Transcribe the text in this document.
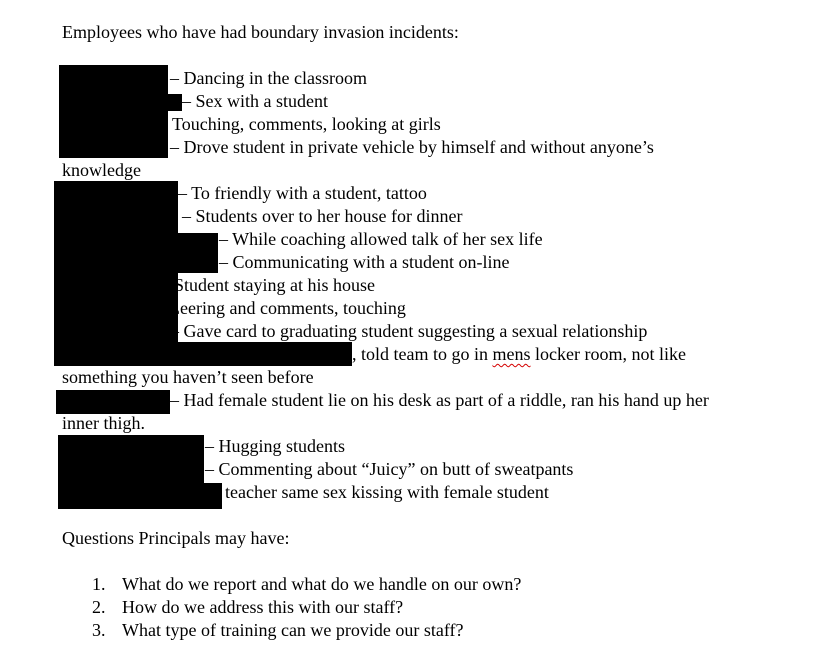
Employees who have had boundary invasion incidents:
– Dancing in the classroom
– Sex with a student
Touching, comments, looking at girls
– Drove student in private vehicle by himself and without anyone’s
knowledge
– To friendly with a student, tattoo
– Students over to her house for dinner
– While coaching allowed talk of her sex life
– Communicating with a student on-line
Student staying at his house
Leering and comments, touching
– Gave card to graduating student suggesting a sexual relationship
, told team to go in mens locker room, not like
something you haven’t seen before
– Had female student lie on his desk as part of a riddle, ran his hand up her
inner thigh.
– Hugging students
– Commenting about “Juicy” on butt of sweatpants
teacher same sex kissing with female student
Questions Principals may have:
1. What do we report and what do we handle on our own?
2. How do we address this with our staff?
3. What type of training can we provide our staff?
